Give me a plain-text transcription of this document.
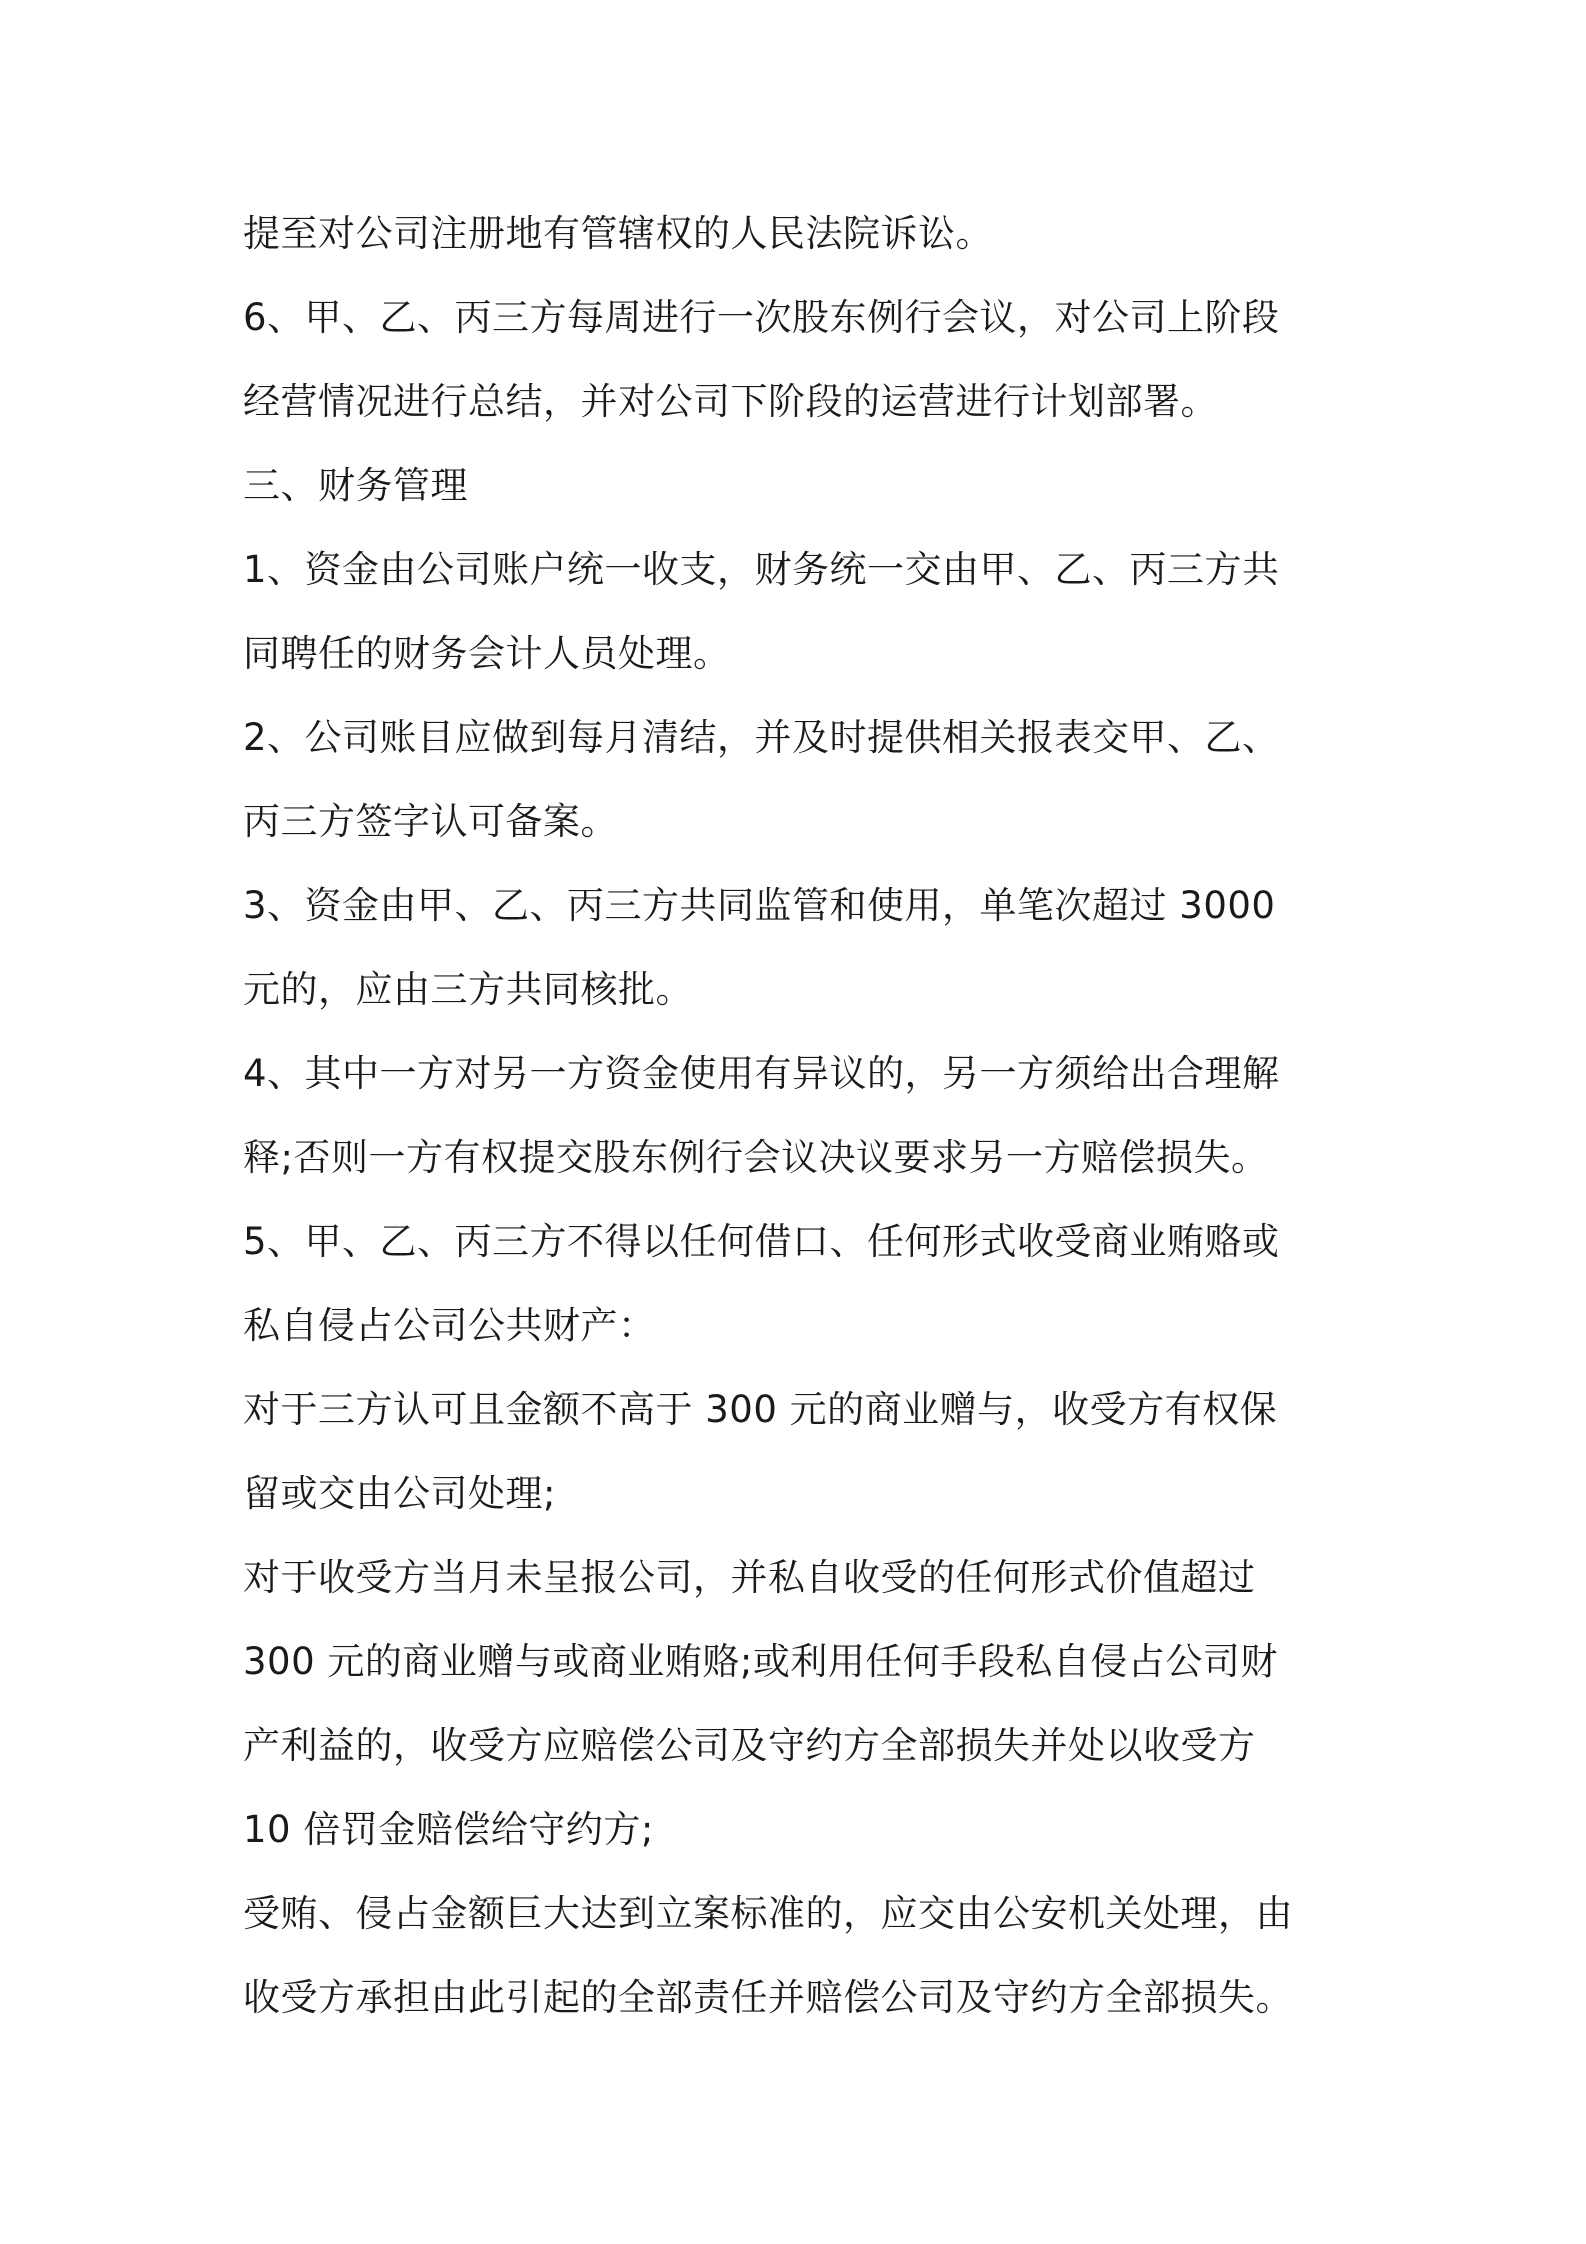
提至对公司注册地有管辖权的人民法院诉讼。
6、甲、乙、丙三方每周进行一次股东例行会议，对公司上阶段
经营情况进行总结，并对公司下阶段的运营进行计划部署。
三、财务管理
1、资金由公司账户统一收支，财务统一交由甲、乙、丙三方共
同聘任的财务会计人员处理。
2、公司账目应做到每月清结，并及时提供相关报表交甲、乙、
丙三方签字认可备案。
3、资金由甲、乙、丙三方共同监管和使用，单笔次超过 3000
元的，应由三方共同核批。
4、其中一方对另一方资金使用有异议的，另一方须给出合理解
释;否则一方有权提交股东例行会议决议要求另一方赔偿损失。
5、甲、乙、丙三方不得以任何借口、任何形式收受商业贿赂或
私自侵占公司公共财产：
对于三方认可且金额不高于 300 元的商业赠与，收受方有权保
留或交由公司处理;
对于收受方当月未呈报公司，并私自收受的任何形式价值超过
300 元的商业赠与或商业贿赂;或利用任何手段私自侵占公司财
产利益的，收受方应赔偿公司及守约方全部损失并处以收受方
10 倍罚金赔偿给守约方;
受贿、侵占金额巨大达到立案标准的，应交由公安机关处理，由
收受方承担由此引起的全部责任并赔偿公司及守约方全部损失。
